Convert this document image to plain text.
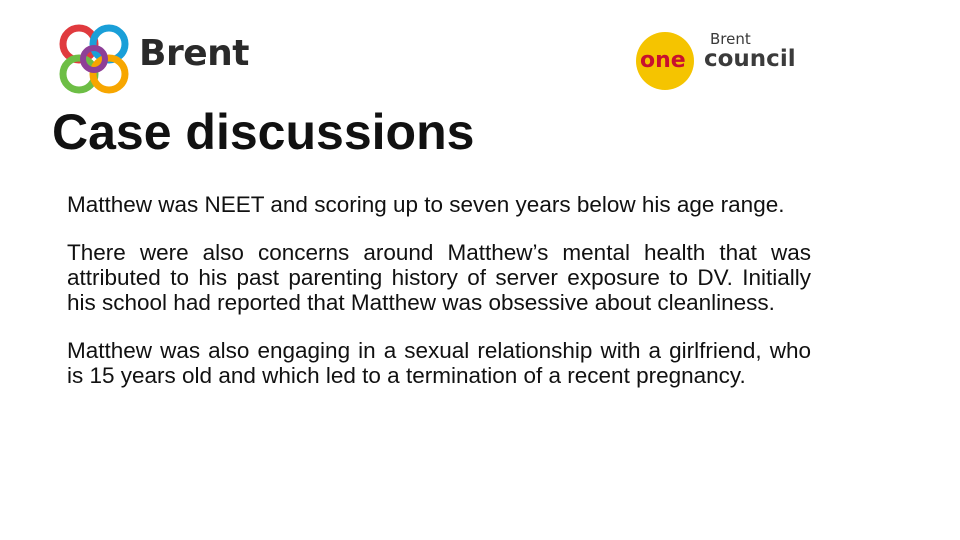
Brent	Brent
one council
Case discussions

Matthew was NEET and scoring up to seven years below his age range.

There were also concerns around Matthew’s mental health that was attributed to his past parenting history of server exposure to DV. Initially his school had reported that Matthew was obsessive about cleanliness.

Matthew was also engaging in a sexual relationship with a girlfriend, who is 15 years old and which led to a termination of a recent pregnancy.
